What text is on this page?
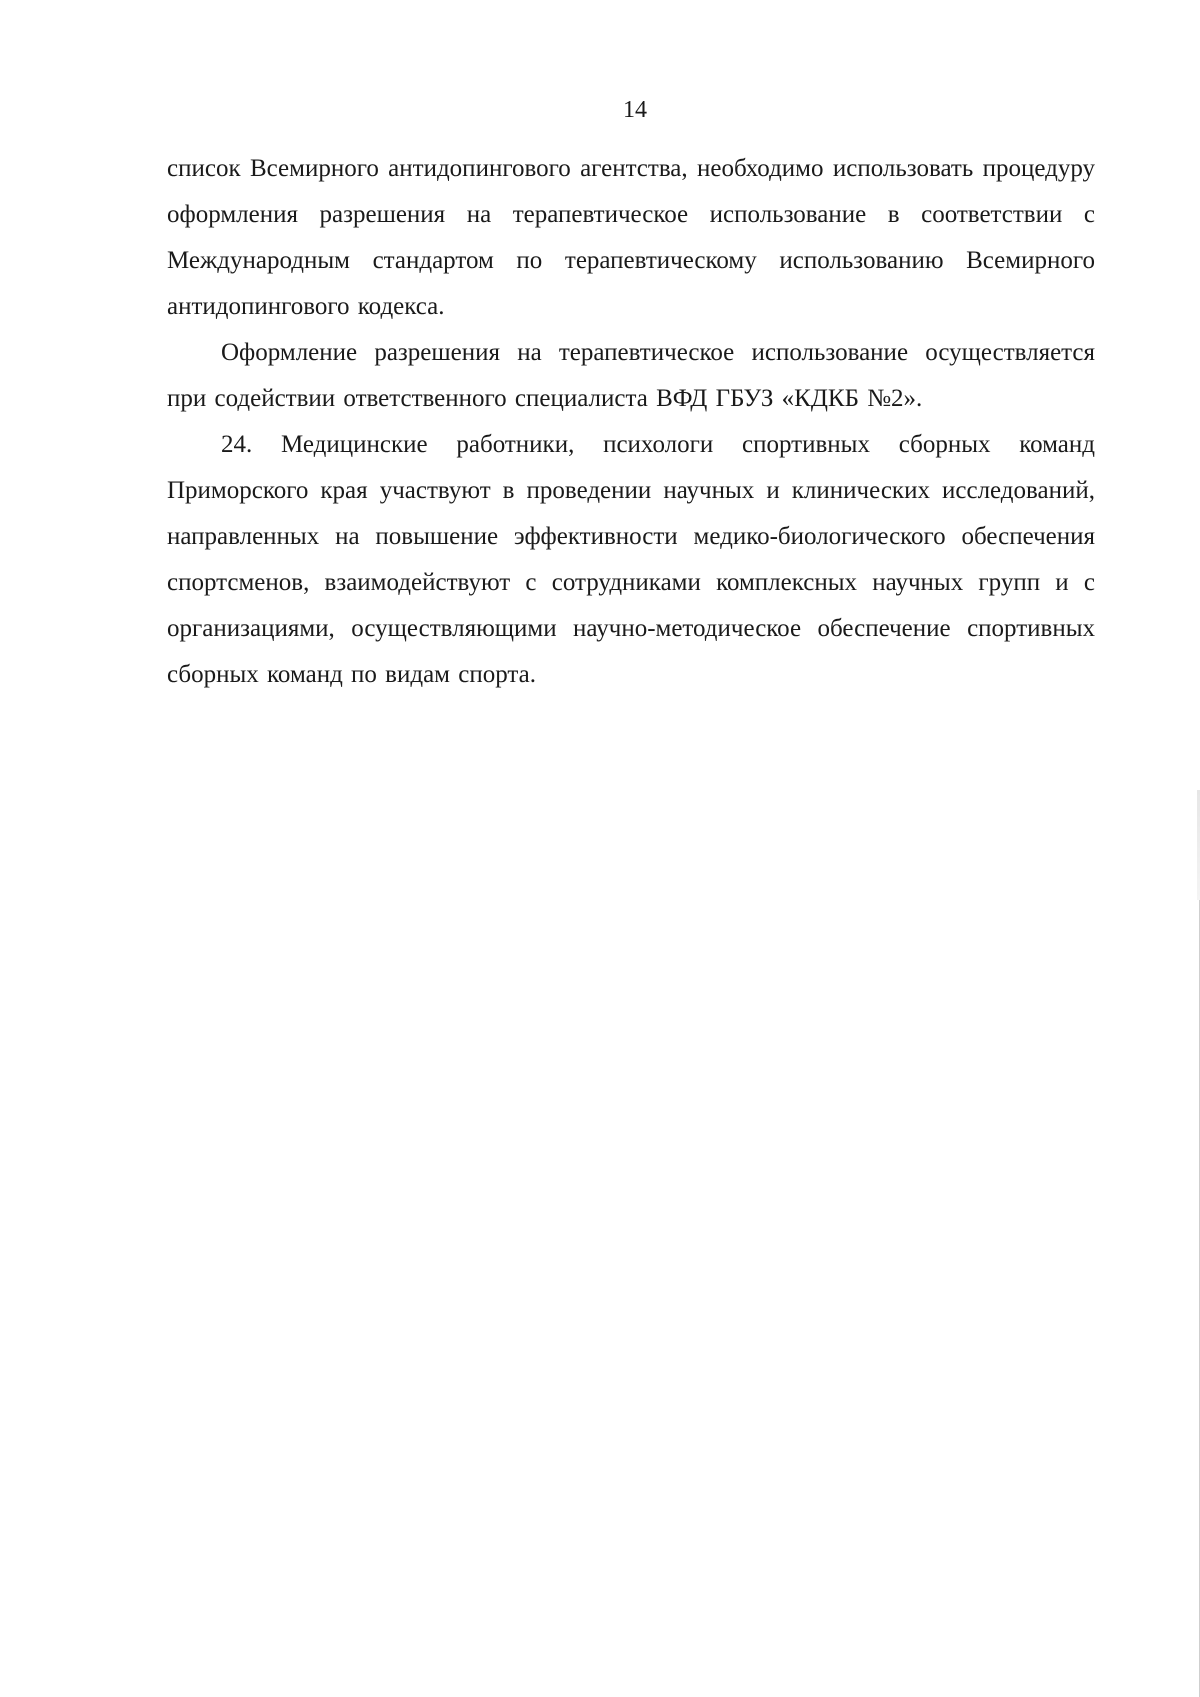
14

список Всемирного антидопингового агентства, необходимо использовать процедуру оформления разрешения на терапевтическое использование в соответствии с Международным стандартом по терапевтическому использованию Всемирного антидопингового кодекса.

Оформление разрешения на терапевтическое использование осуществляется при содействии ответственного специалиста ВФД ГБУЗ «КДКБ №2».

24. Медицинские работники, психологи спортивных сборных команд Приморского края участвуют в проведении научных и клинических исследований, направленных на повышение эффективности медико-биологического обеспечения спортсменов, взаимодействуют с сотрудниками комплексных научных групп и с организациями, осуществляющими научно-методическое обеспечение спортивных сборных команд по видам спорта.
